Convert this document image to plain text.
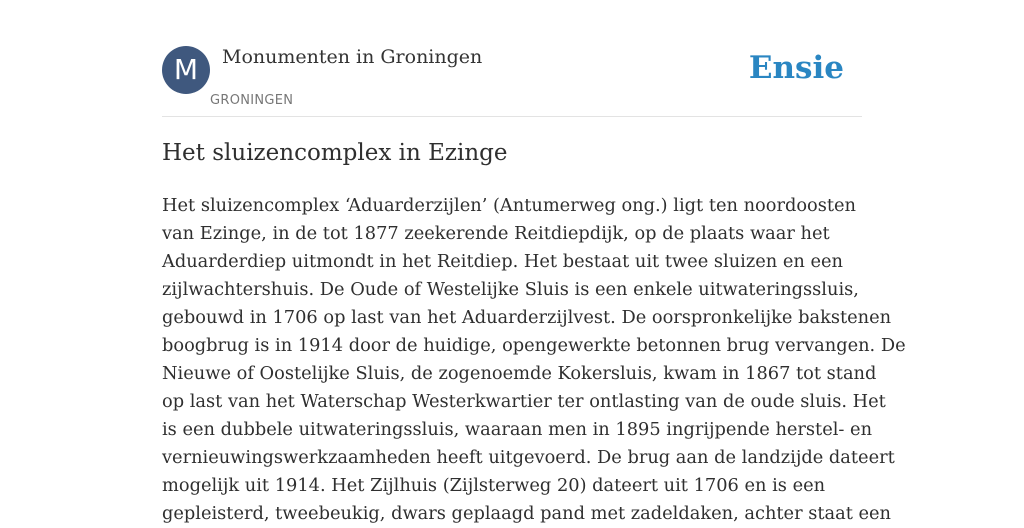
M	Monumenten in Groningen
GRONINGEN
Ensie
Het sluizencomplex in Ezinge
Het sluizencomplex ‘Aduarderzijlen’ (Antumerweg ong.) ligt ten noordoosten
van Ezinge, in de tot 1877 zeekerende Reitdiepdijk, op de plaats waar het
Aduarderdiep uitmondt in het Reitdiep. Het bestaat uit twee sluizen en een
zijlwachtershuis. De Oude of Westelijke Sluis is een enkele uitwateringssluis,
gebouwd in 1706 op last van het Aduarderzijlvest. De oorspronkelijke bakstenen
boogbrug is in 1914 door de huidige, opengewerkte betonnen brug vervangen. De
Nieuwe of Oostelijke Sluis, de zogenoemde Kokersluis, kwam in 1867 tot stand
op last van het Waterschap Westerkwartier ter ontlasting van de oude sluis. Het
is een dubbele uitwateringssluis, waaraan men in 1895 ingrijpende herstel- en
vernieuwingswerkzaamheden heeft uitgevoerd. De brug aan de landzijde dateert
mogelijk uit 1914. Het Zijlhuis (Zijlsterweg 20) dateert uit 1706 en is een
gepleisterd, tweebeukig, dwars geplaagd pand met zadeldaken, achter staat een
